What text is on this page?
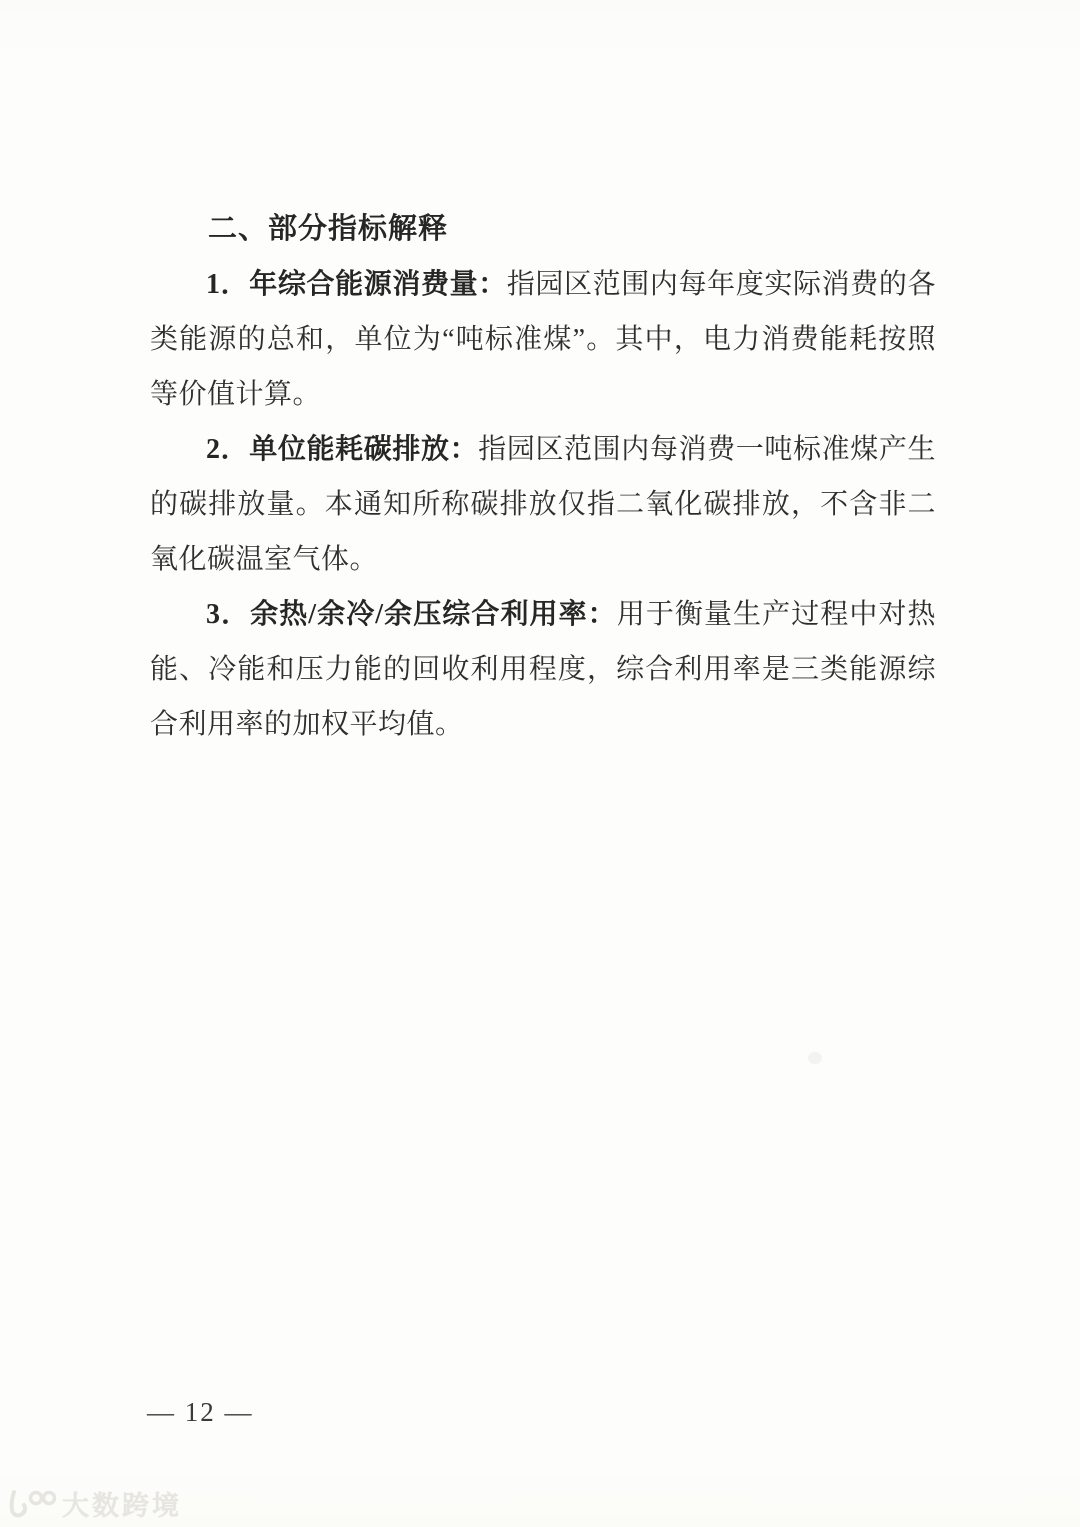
二、部分指标解释

1．年综合能源消费量：指园区范围内每年度实际消费的各类能源的总和，单位为“吨标准煤”。其中，电力消费能耗按照等价值计算。

2．单位能耗碳排放：指园区范围内每消费一吨标准煤产生的碳排放量。本通知所称碳排放仅指二氧化碳排放，不含非二氧化碳温室气体。

3．余热/余冷/余压综合利用率：用于衡量生产过程中对热能、冷能和压力能的回收利用程度，综合利用率是三类能源综合利用率的加权平均值。

— 12 —
大数跨境
